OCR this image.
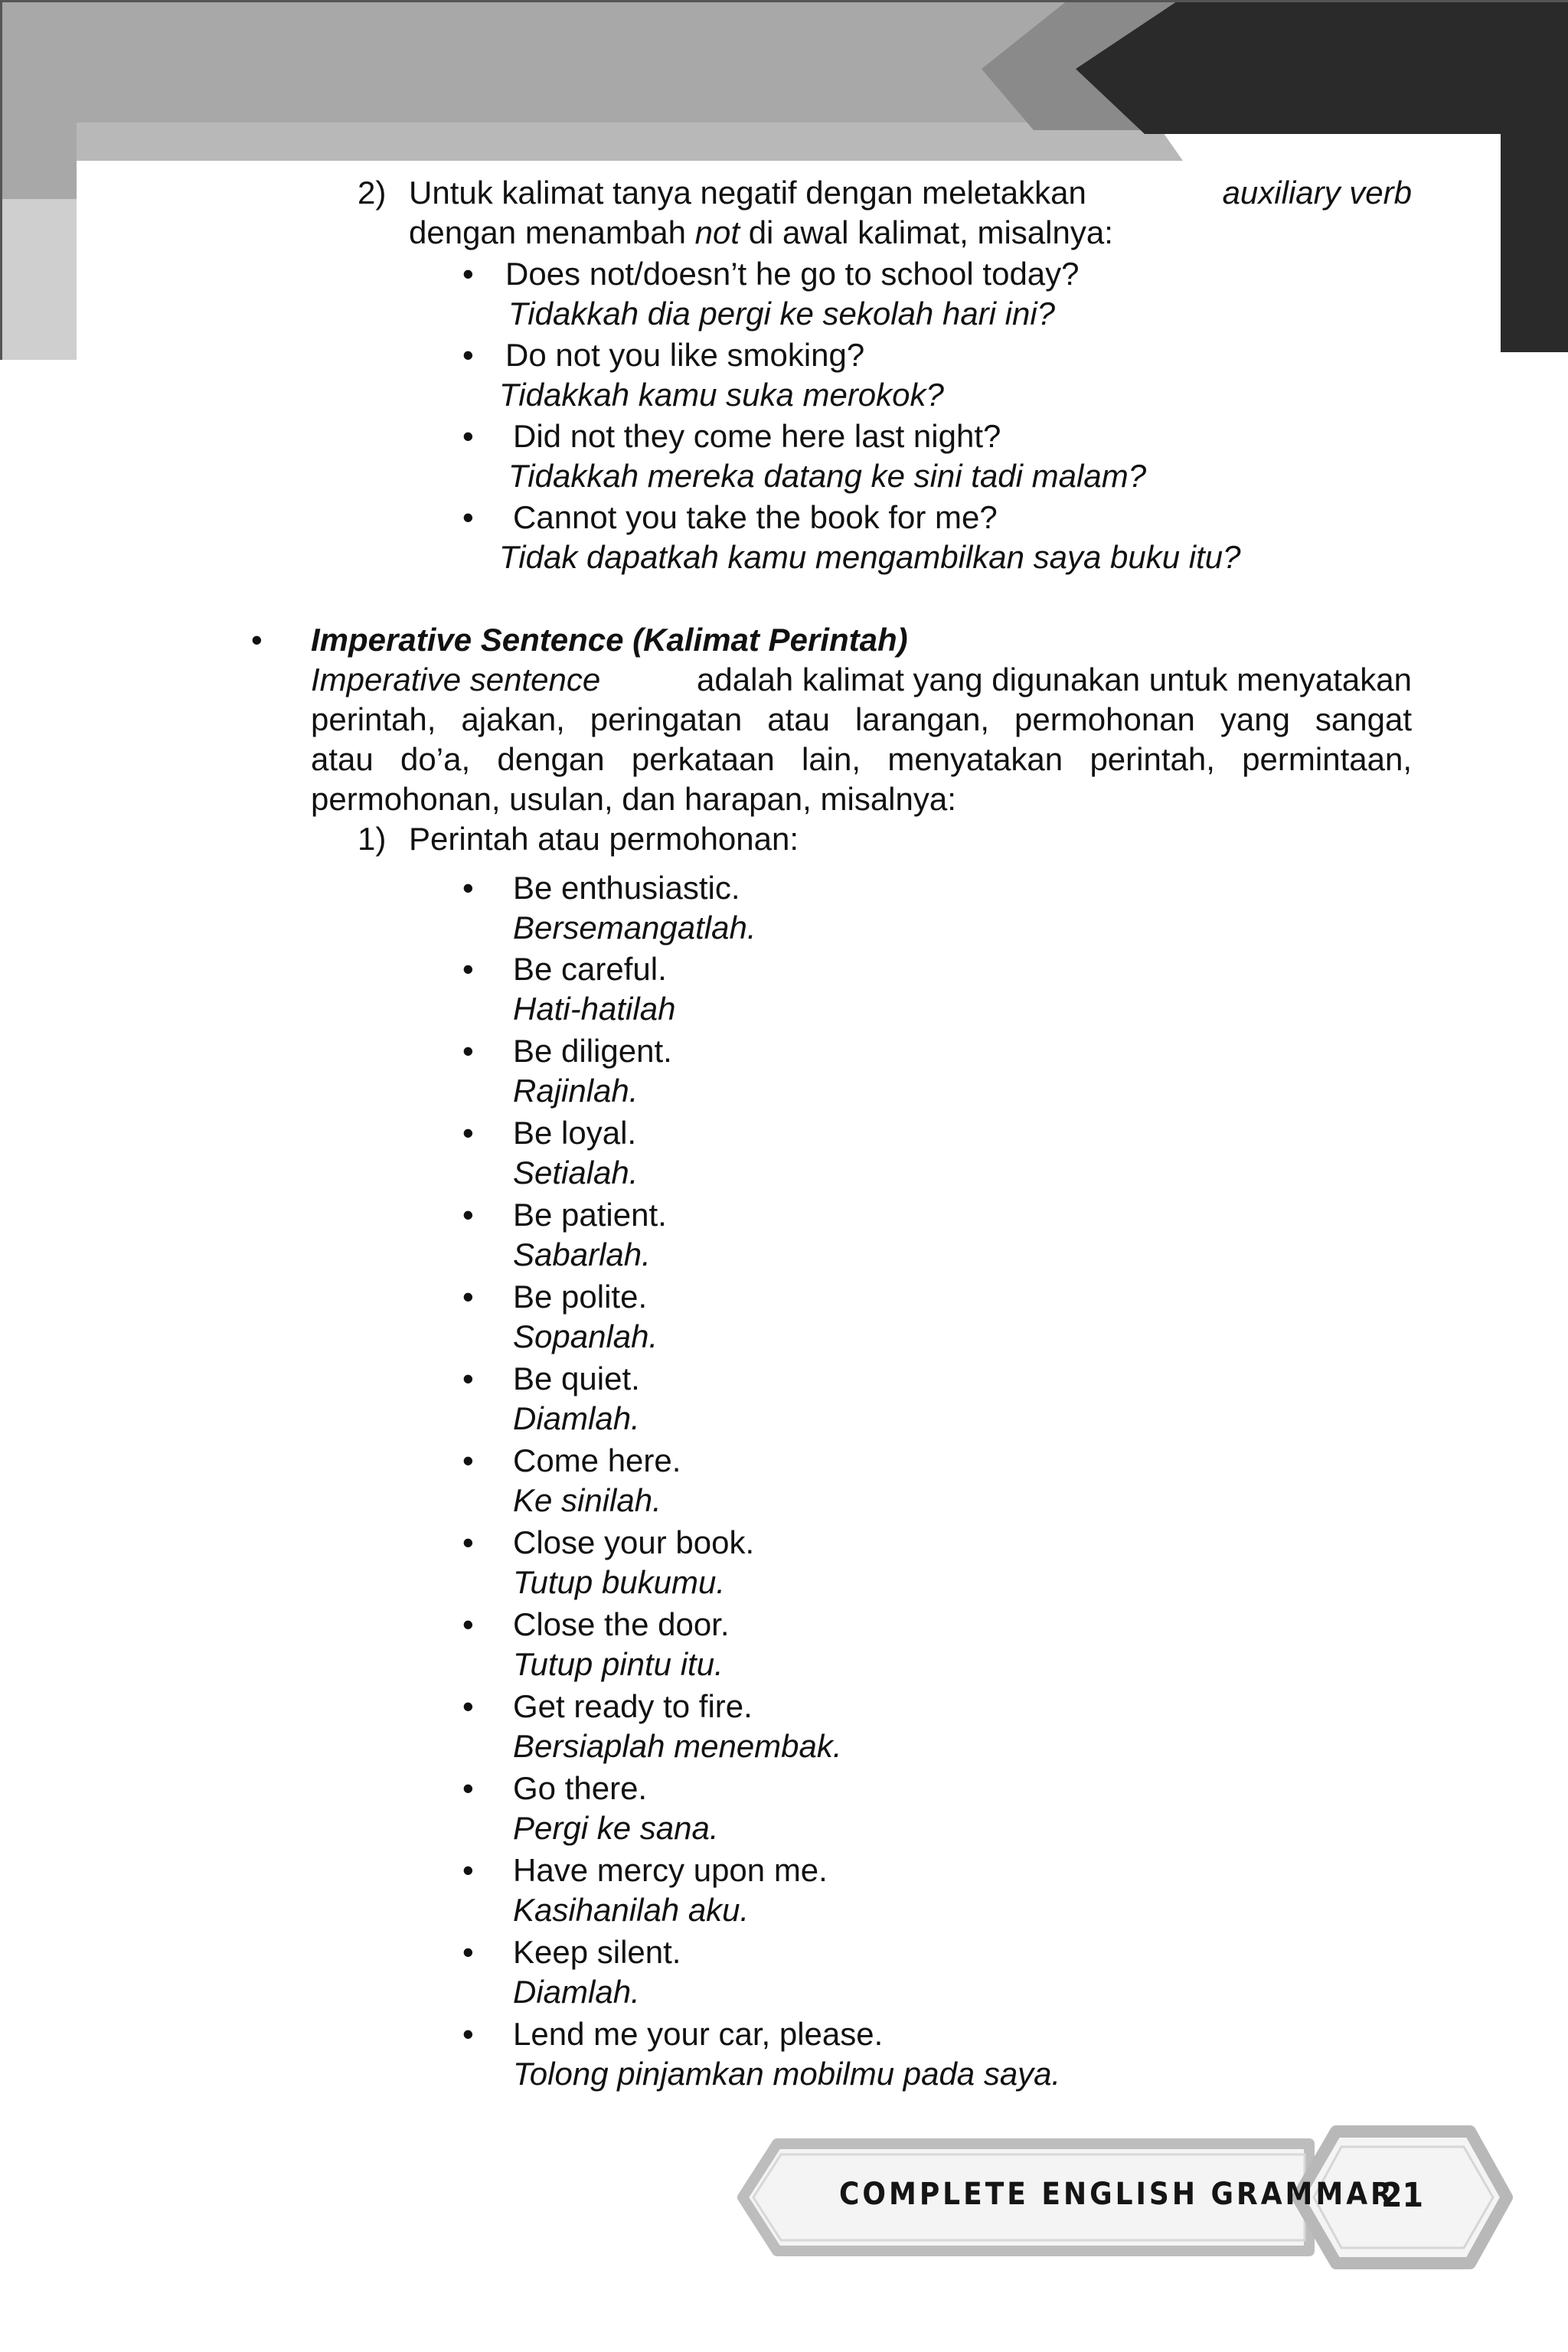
2) Untuk kalimat tanya negatif dengan meletakkan	auxiliary verb
dengan menambah not di awal kalimat, misalnya:
• Does not/doesn’t he go to school today?
Tidakkah dia pergi ke sekolah hari ini?
• Do not you like smoking?
Tidakkah kamu suka merokok?
• Did not they come here last night?
Tidakkah mereka datang ke sini tadi malam?
• Cannot you take the book for me?
Tidak dapatkah kamu mengambilkan saya buku itu?
• Imperative Sentence (Kalimat Perintah)
Imperative sentence	adalah kalimat yang digunakan untuk menyatakan
perintah, ajakan, peringatan atau larangan, permohonan yang sangat
atau do’a, dengan perkataan lain, menyatakan perintah, permintaan,
permohonan, usulan, dan harapan, misalnya:
1) Perintah atau permohonan:
• Be enthusiastic.
Bersemangatlah.
• Be careful.
Hati-hatilah
• Be diligent.
Rajinlah.
• Be loyal.
Setialah.
• Be patient.
Sabarlah.
• Be polite.
Sopanlah.
• Be quiet.
Diamlah.
• Come here.
Ke sinilah.
• Close your book.
Tutup bukumu.
• Close the door.
Tutup pintu itu.
• Get ready to fire.
Bersiaplah menembak.
• Go there.
Pergi ke sana.
• Have mercy upon me.
Kasihanilah aku.
• Keep silent.
Diamlah.
• Lend me your car, please.
Tolong pinjamkan mobilmu pada saya.
COMPLETE ENGLISH GRAMMAR
21
